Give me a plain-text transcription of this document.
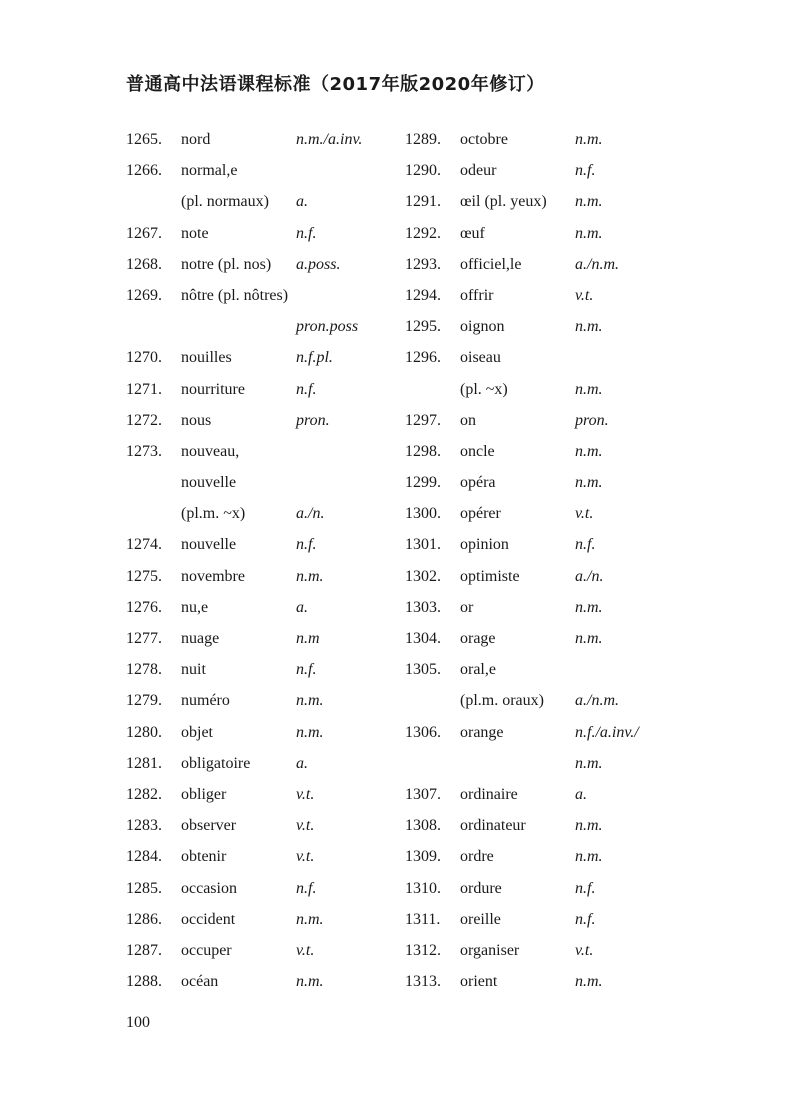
普通高中法语课程标准（2017年版2020年修订）
1265. nord	n.m./a.inv.
1266. normal,e
(pl. normaux) a.
1267. note	n.f.
1268. notre (pl. nos) a.poss.
1269. nôtre (pl. nôtres)
pron.poss
1270. nouilles	n.f.pl.
1271. nourriture	n.f.
1272. nous	pron.
1273. nouveau,
nouvelle
(pl.m. ~x)	a./n.
1274. nouvelle	n.f.
1275. novembre	n.m.
1276. nu,e	a.
1277. nuage	n.m
1278. nuit	n.f.
1279. numéro	n.m.
1280. objet	n.m.
1281. obligatoire	a.
1282. obliger	v.t.
1283. observer	v.t.
1284. obtenir	v.t.
1285. occasion	n.f.
1286. occident	n.m.
1287. occuper	v.t.
1288. océan	n.m.
1289. octobre	n.m.
1290. odeur	n.f.
1291. œil (pl. yeux) n.m.
1292. œuf	n.m.
1293. officiel,le	a./n.m.
1294. offrir	v.t.
1295. oignon	n.m.
1296. oiseau
(pl. ~x)	n.m.
1297. on	pron.
1298. oncle	n.m.
1299. opéra	n.m.
1300. opérer	v.t.
1301. opinion	n.f.
1302. optimiste	a./n.
1303. or	n.m.
1304. orage	n.m.
1305. oral,e
(pl.m. oraux) a./n.m.
1306. orange	n.f./a.inv./
n.m.
1307. ordinaire	a.
1308. ordinateur	n.m.
1309. ordre	n.m.
1310. ordure	n.f.
1311. oreille	n.f.
1312. organiser	v.t.
1313. orient	n.m.
100
